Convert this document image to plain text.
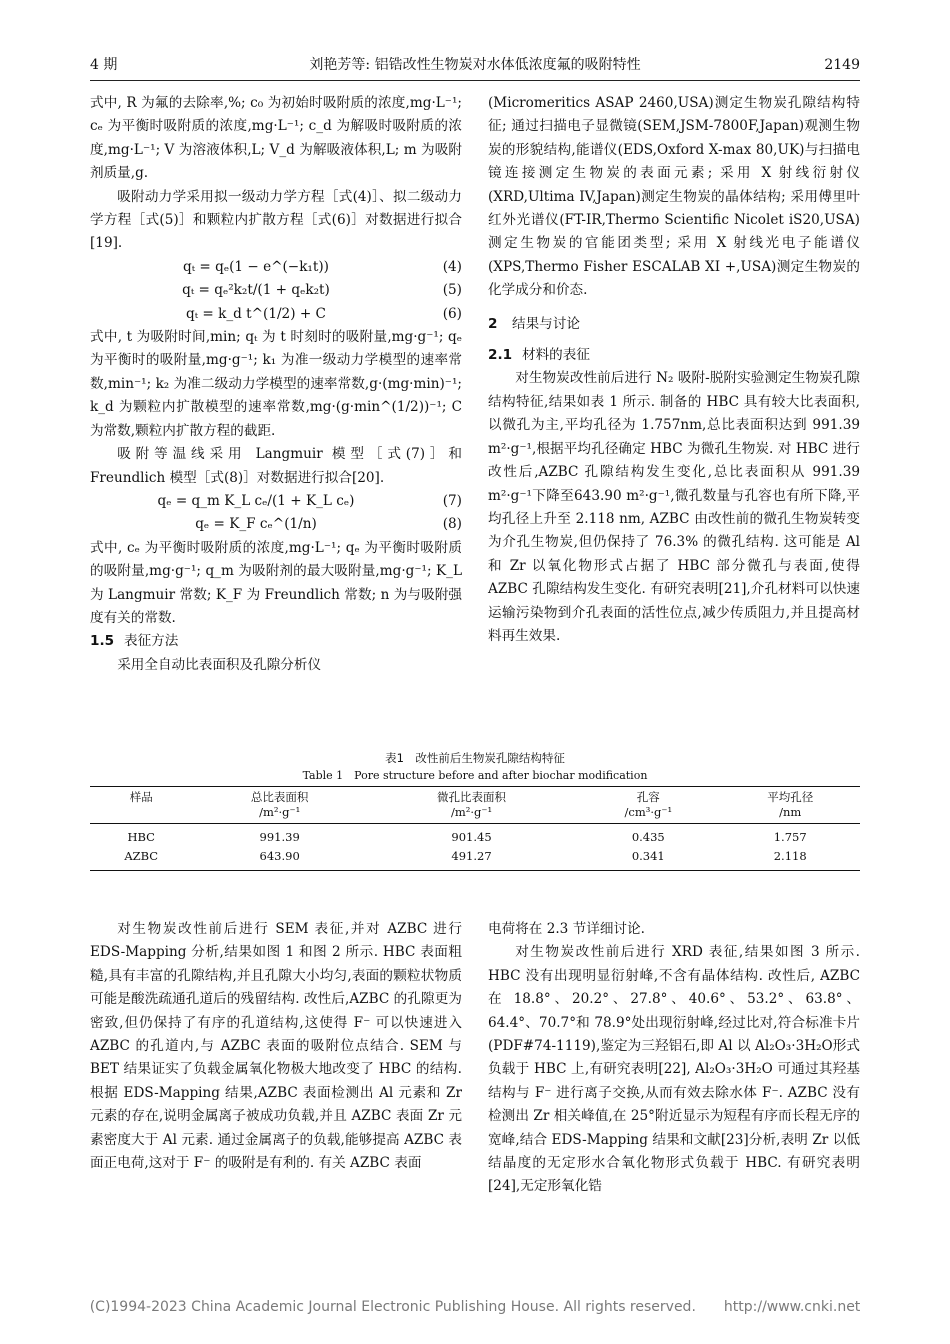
4 期	刘艳芳等: 铝锆改性生物炭对水体低浓度氟的吸附特性	2149

式中, R 为氟的去除率,%; c₀ 为初始时吸附质的浓度,mg·L⁻¹; cₑ 为平衡时吸附质的浓度,mg·L⁻¹; c_d 为解吸时吸附质的浓度,mg·L⁻¹; V 为溶液体积,L; V_d 为解吸液体积,L; m 为吸附剂质量,g.

吸附动力学采用拟一级动力学方程［式(4)］、拟二级动力学方程［式(5)］和颗粒内扩散方程［式(6)］对数据进行拟合[19].

qₜ = qₑ(1 − e^(−k₁t))	(4)
qₜ = qₑ²k₂t/(1 + qₑk₂t)	(5)
qₜ = k_d t^(1/2) + C	(6)

式中, t 为吸附时间,min; qₜ 为 t 时刻时的吸附量,mg·g⁻¹; qₑ 为平衡时的吸附量,mg·g⁻¹; k₁ 为准一级动力学模型的速率常数,min⁻¹; k₂ 为准二级动力学模型的速率常数,g·(mg·min)⁻¹; k_d 为颗粒内扩散模型的速率常数,mg·(g·min^(1/2))⁻¹; C 为常数,颗粒内扩散方程的截距.

吸附等温线采用 Langmuir 模型［式(7)］和 Freundlich 模型［式(8)］对数据进行拟合[20].

qₑ = q_m K_L cₑ/(1 + K_L cₑ)	(7)
qₑ = K_F cₑ^(1/n)	(8)

式中, cₑ 为平衡时吸附质的浓度,mg·L⁻¹; qₑ 为平衡时吸附质的吸附量,mg·g⁻¹; q_m 为吸附剂的最大吸附量,mg·g⁻¹; K_L 为 Langmuir 常数; K_F 为 Freundlich 常数; n 为与吸附强度有关的常数.

1.5 表征方法

采用全自动比表面积及孔隙分析仪

(Micromeritics ASAP 2460,USA)测定生物炭孔隙结构特征; 通过扫描电子显微镜(SEM,JSM-7800F,Japan)观测生物炭的形貌结构,能谱仪(EDS,Oxford X-max 80,UK)与扫描电镜连接测定生物炭的表面元素; 采用 X 射线衍射仪(XRD,Ultima IV,Japan)测定生物炭的晶体结构; 采用傅里叶红外光谱仪(FT-IR,Thermo Scientific Nicolet iS20,USA)测定生物炭的官能团类型; 采用 X 射线光电子能谱仪(XPS,Thermo Fisher ESCALAB XI +,USA)测定生物炭的化学成分和价态.

2 结果与讨论
2.1 材料的表征

对生物炭改性前后进行 N₂ 吸附-脱附实验测定生物炭孔隙结构特征,结果如表 1 所示. 制备的 HBC 具有较大比表面积,以微孔为主,平均孔径为 1.757nm,总比表面积达到 991.39 m²·g⁻¹,根据平均孔径确定 HBC 为微孔生物炭. 对 HBC 进行改性后,AZBC 孔隙结构发生变化,总比表面积从 991.39 m²·g⁻¹下降至643.90 m²·g⁻¹,微孔数量与孔容也有所下降,平均孔径上升至 2.118 nm, AZBC 由改性前的微孔生物炭转变为介孔生物炭,但仍保持了 76.3% 的微孔结构. 这可能是 Al 和 Zr 以氧化物形式占据了 HBC 部分微孔与表面,使得 AZBC 孔隙结构发生变化. 有研究表明[21],介孔材料可以快速运输污染物到介孔表面的活性位点,减少传质阻力,并且提高材料再生效果.

表1　改性前后生物炭孔隙结构特征
Table 1　Pore structure before and after biochar modification
样品	总比表面积	微孔比表面积	孔容	平均孔径
	/m²·g⁻¹	/m²·g⁻¹	/cm³·g⁻¹	/nm
HBC	991.39	901.45	0.435	1.757
AZBC	643.90	491.27	0.341	2.118

对生物炭改性前后进行 SEM 表征,并对 AZBC 进行 EDS-Mapping 分析,结果如图 1 和图 2 所示. HBC 表面粗糙,具有丰富的孔隙结构,并且孔隙大小均匀,表面的颗粒状物质可能是酸洗疏通孔道后的残留结构. 改性后,AZBC 的孔隙更为密致,但仍保持了有序的孔道结构,这使得 F⁻ 可以快速进入 AZBC 的孔道内,与 AZBC 表面的吸附位点结合. SEM 与 BET 结果证实了负载金属氧化物极大地改变了 HBC 的结构. 根据 EDS-Mapping 结果,AZBC 表面检测出 Al 元素和 Zr 元素的存在,说明金属离子被成功负载,并且 AZBC 表面 Zr 元素密度大于 Al 元素. 通过金属离子的负载,能够提高 AZBC 表面正电荷,这对于 F⁻ 的吸附是有利的. 有关 AZBC 表面

电荷将在 2.3 节详细讨论.

对生物炭改性前后进行 XRD 表征,结果如图 3 所示. HBC 没有出现明显衍射峰,不含有晶体结构. 改性后, AZBC 在 18.8°、20.2°、27.8°、40.6°、53.2°、63.8°、64.4°、70.7°和 78.9°处出现衍射峰,经过比对,符合标准卡片(PDF#74-1119),鉴定为三羟铝石,即 Al 以 Al₂O₃·3H₂O形式负载于 HBC 上,有研究表明[22], Al₂O₃·3H₂O 可通过其羟基结构与 F⁻ 进行离子交换,从而有效去除水体 F⁻. AZBC 没有检测出 Zr 相关峰值,在 25°附近显示为短程有序而长程无序的宽峰,结合 EDS-Mapping 结果和文献[23]分析,表明 Zr 以低结晶度的无定形水合氧化物形式负载于 HBC. 有研究表明[24],无定形氧化锆

(C)1994-2023 China Academic Journal Electronic Publishing House. All rights reserved.　　http://www.cnki.net
